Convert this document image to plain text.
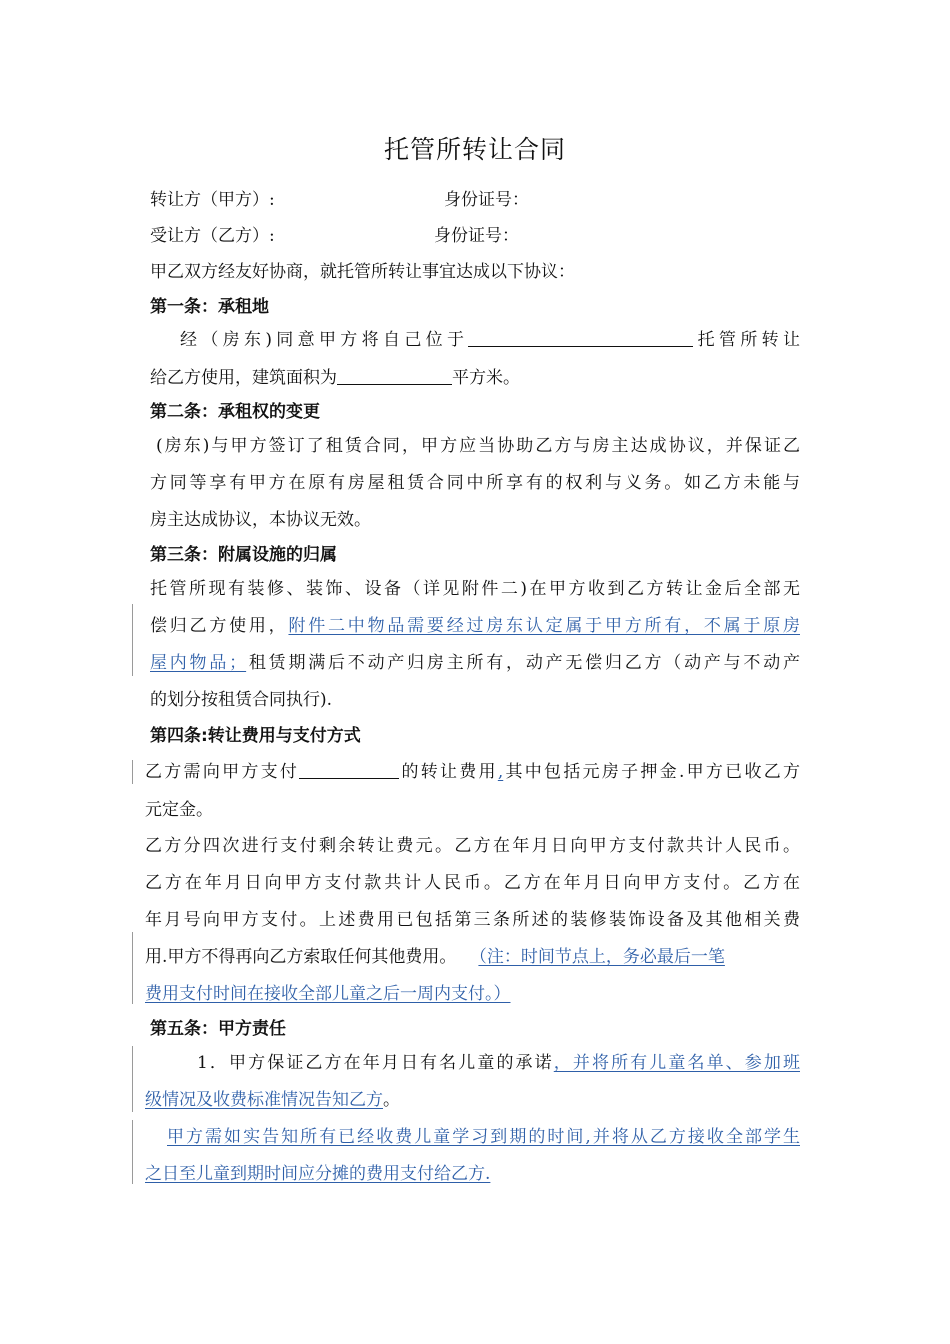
托管所转让合同
转让方（甲方）:	身份证号：
受让方（乙方）:	身份证号：
甲乙双方经友好协商，就托管所转让事宜达成以下协议：
第一条：承租地
经（房东)同意甲方将自己位于	托管所转让
给乙方使用，建筑面积为	平方米。
第二条：承租权的变更
(房东)与甲方签订了租赁合同，甲方应当协助乙方与房主达成协议，并保证乙
方同等享有甲方在原有房屋租赁合同中所享有的权利与义务。如乙方未能与
房主达成协议，本协议无效。
第三条：附属设施的归属
托管所现有装修、装饰、设备（详见附件二)在甲方收到乙方转让金后全部无
偿归乙方使用，附件二中物品需要经过房东认定属于甲方所有，不属于原房
屋内物品；租赁期满后不动产归房主所有，动产无偿归乙方（动产与不动产
的划分按租赁合同执行).
第四条:转让费用与支付方式
乙方需向甲方支付	的转让费用,其中包括元房子押金.甲方已收乙方
元定金。
乙方分四次进行支付剩余转让费元。乙方在年月日向甲方支付款共计人民币。
乙方在年月日向甲方支付款共计人民币。乙方在年月日向甲方支付。乙方在
年月号向甲方支付。上述费用已包括第三条所述的装修装饰设备及其他相关费
用.甲方不得再向乙方索取任何其他费用。 （注：时间节点上，务必最后一笔
费用支付时间在接收全部儿童之后一周内支付。）
第五条：甲方责任
1．甲方保证乙方在年月日有名儿童的承诺，并将所有儿童名单、参加班
级情况及收费标准情况告知乙方。
甲方需如实告知所有已经收费儿童学习到期的时间,并将从乙方接收全部学生
之日至儿童到期时间应分摊的费用支付给乙方.
